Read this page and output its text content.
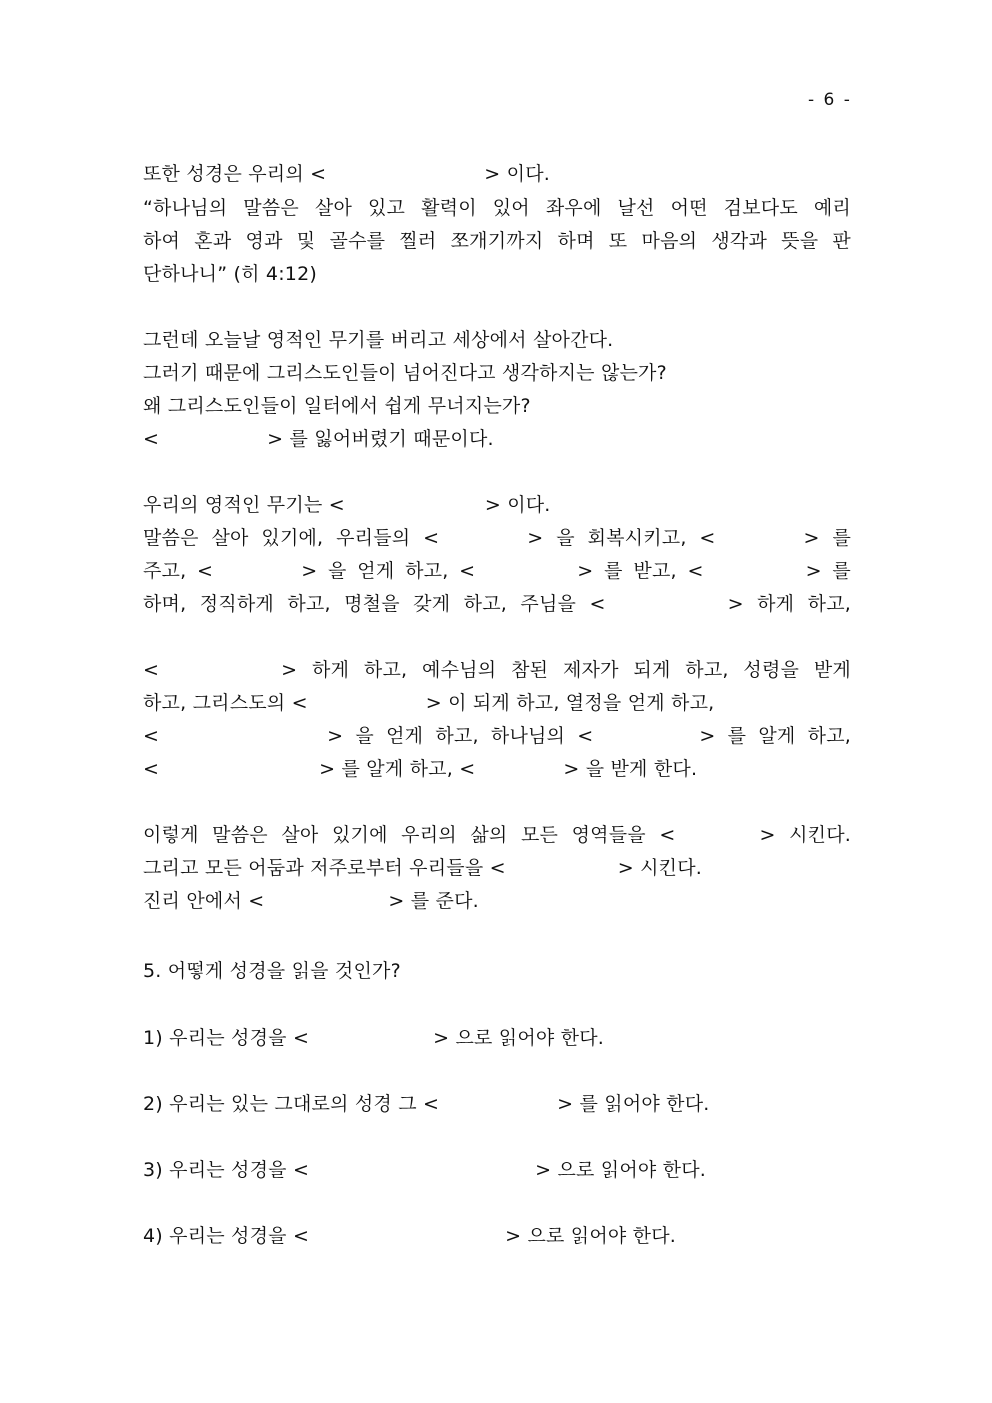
- 6 -
또한 성경은 우리의 <	> 이다.
“하나님의 말씀은 살아 있고 활력이 있어 좌우에 날선 어떤 검보다도 예리
하여 혼과 영과 및 골수를 찔러 쪼개기까지 하며 또 마음의 생각과 뜻을 판
단하나니” (히 4:12)
그런데 오늘날 영적인 무기를 버리고 세상에서 살아간다.
그러기 때문에 그리스도인들이 넘어진다고 생각하지는 않는가?
왜 그리스도인들이 일터에서 쉽게 무너지는가?
<	> 를 잃어버렸기 때문이다.
우리의 영적인 무기는 <	> 이다.
말씀은 살아 있기에, 우리들의 <	> 을 회복시키고, <	> 를
주고, <	> 을 얻게 하고, <	> 를 받고, <	> 를
하며, 정직하게 하고, 명철을 갖게 하고, 주님을 <	> 하게 하고,
<	> 하게 하고, 예수님의 참된 제자가 되게 하고, 성령을 받게
하고, 그리스도의 <	> 이 되게 하고, 열정을 얻게 하고,
<	> 을 얻게 하고, 하나님의 <	> 를 알게 하고,
<	> 를 알게 하고, <	> 을 받게 한다.
이렇게 말씀은 살아 있기에 우리의 삶의 모든 영역들을 <	> 시킨다.
그리고 모든 어둠과 저주로부터 우리들을 <	> 시킨다.
진리 안에서 <	> 를 준다.
5. 어떻게 성경을 읽을 것인가?
1) 우리는 성경을 <	> 으로 읽어야 한다.
2) 우리는 있는 그대로의 성경 그 <	> 를 읽어야 한다.
3) 우리는 성경을 <	> 으로 읽어야 한다.
4) 우리는 성경을 <	> 으로 읽어야 한다.
